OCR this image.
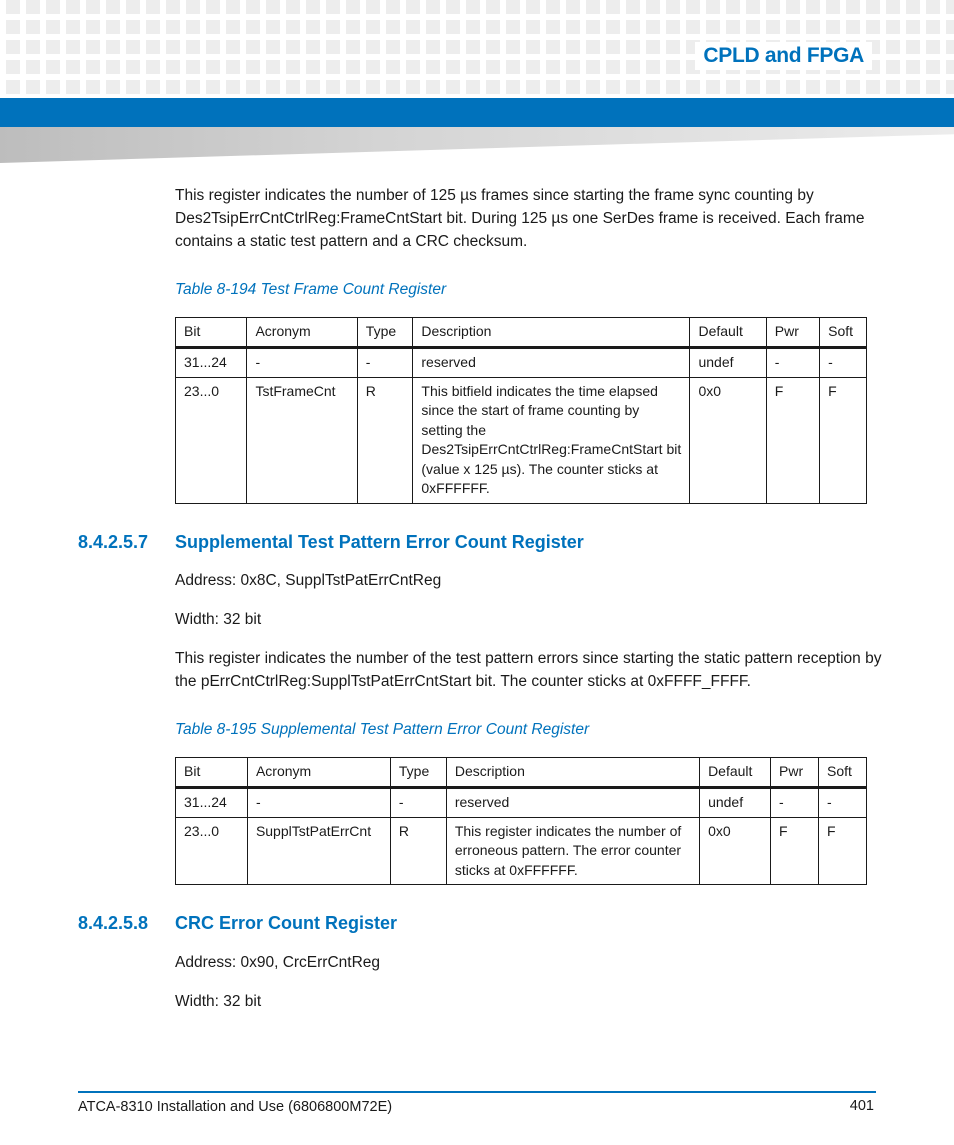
CPLD and FPGA

This register indicates the number of 125 µs frames since starting the frame sync counting by Des2TsipErrCntCtrlReg:FrameCntStart bit. During 125 µs one SerDes frame is received. Each frame contains a static test pattern and a CRC checksum.

Table 8-194 Test Frame Count Register

Bit	Acronym	Type	Description	Default	Pwr	Soft
31...24	-	-	reserved	undef	-	-
23...0	TstFrameCnt	R	This bitfield indicates the time elapsed since the start of frame counting by setting the Des2TsipErrCntCtrlReg:FrameCntStart bit (value x 125 µs). The counter sticks at 0xFFFFFF.	0x0	F	F
8.4.2.5.7 Supplemental Test Pattern Error Count Register

Address: 0x8C, SupplTstPatErrCntReg

Width: 32 bit

This register indicates the number of the test pattern errors since starting the static pattern reception by the pErrCntCtrlReg:SupplTstPatErrCntStart bit. The counter sticks at 0xFFFF_FFFF.

Table 8-195 Supplemental Test Pattern Error Count Register

Bit	Acronym	Type	Description	Default	Pwr	Soft
31...24	-	-	reserved	undef	-	-
23...0	SupplTstPatErrCnt	R	This register indicates the number of erroneous pattern. The error counter sticks at 0xFFFFFF.	0x0	F	F
8.4.2.5.8 CRC Error Count Register

Address: 0x90, CrcErrCntReg

Width: 32 bit

ATCA-8310 Installation and Use (6806800M72E)	401
